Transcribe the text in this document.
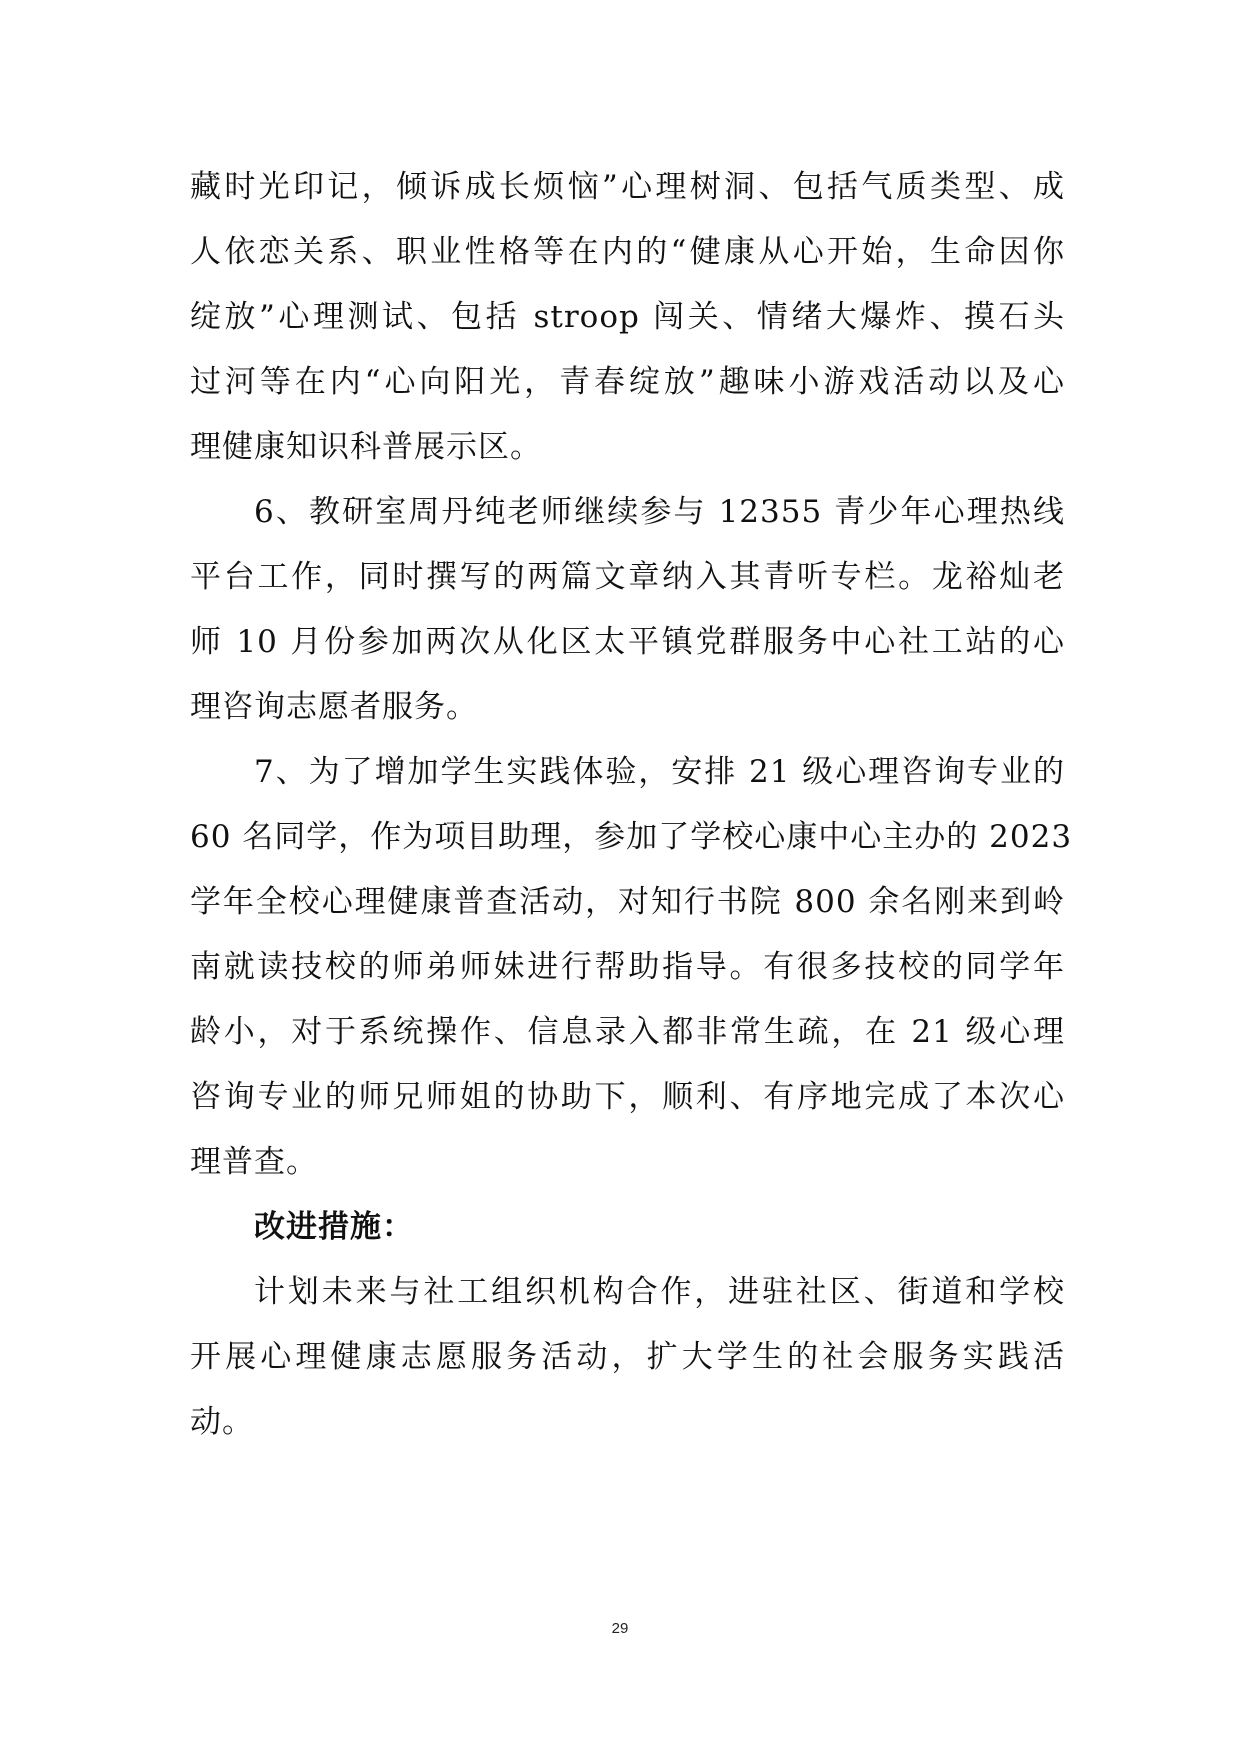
藏时光印记，倾诉成长烦恼”心理树洞、包括气质类型、成
人依恋关系、职业性格等在内的“健康从心开始，生命因你
绽放”心理测试、包括 stroop 闯关、情绪大爆炸、摸石头
过河等在内“心向阳光，青春绽放”趣味小游戏活动以及心
理健康知识科普展示区。
6、教研室周丹纯老师继续参与 12355 青少年心理热线
平台工作，同时撰写的两篇文章纳入其青听专栏。龙裕灿老
师 10 月份参加两次从化区太平镇党群服务中心社工站的心
理咨询志愿者服务。
7、为了增加学生实践体验，安排 21 级心理咨询专业的
60 名同学，作为项目助理，参加了学校心康中心主办的 2023
学年全校心理健康普查活动，对知行书院 800 余名刚来到岭
南就读技校的师弟师妹进行帮助指导。有很多技校的同学年
龄小，对于系统操作、信息录入都非常生疏，在 21 级心理
咨询专业的师兄师姐的协助下，顺利、有序地完成了本次心
理普查。
改进措施：
计划未来与社工组织机构合作，进驻社区、街道和学校
开展心理健康志愿服务活动，扩大学生的社会服务实践活
动。
29
